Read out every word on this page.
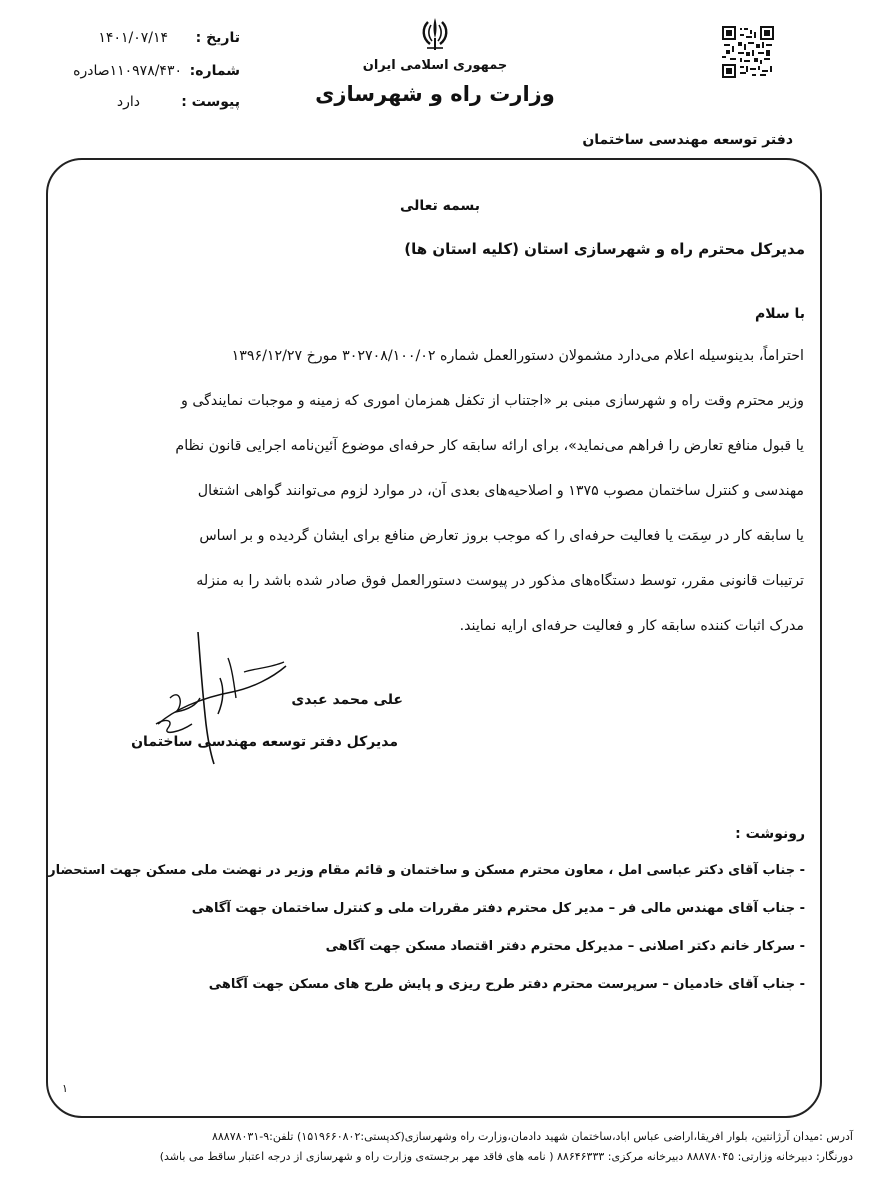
تاریخ :
۱۴۰۱/۰۷/۱۴
شماره:
۱۱۰۹۷۸/۴۳۰صادره
پیوست :
دارد
جمهوری اسلامی ایران
وزارت راه و شهرسازی
دفتر توسعه مهندسی ساختمان
بسمه تعالی
مدیرکل محترم راه و شهرسازی استان (کلیه استان ها)
با سلام
احتراماً، بدینوسیله اعلام می‌دارد مشمولان دستورالعمل شماره ۳۰۲۷۰۸/۱۰۰/۰۲ مورخ ۱۳۹۶/۱۲/۲۷
وزیر محترم وقت راه و شهرسازی مبنی بر «اجتناب از تکفل همزمان اموری که زمینه و موجبات نمایندگی و
یا قبول منافع تعارض را فراهم می‌نماید»، برای ارائه سابقه کار حرفه‌ای موضوع آئین‌نامه اجرایی قانون نظام
مهندسی و کنترل ساختمان مصوب ۱۳۷۵ و اصلاحیه‌های بعدی آن، در موارد لزوم می‌توانند گواهی اشتغال
یا سابقه کار در سِمَت یا فعالیت حرفه‌ای را که موجب بروز تعارض منافع برای ایشان گردیده و بر اساس
ترتیبات قانونی مقرر، توسط دستگاه‌های مذکور در پیوست دستورالعمل فوق صادر شده باشد را به منزله
مدرک اثبات کننده سابقه کار و فعالیت حرفه‌ای ارایه نمایند.
علی محمد عبدی
مدیرکل دفتر توسعه مهندسی ساختمان
رونوشت :
- جناب آقای دکتر عباسی امل ، معاون محترم مسکن و ساختمان و قائم مقام وزیر در نهضت ملی مسکن جهت استحضار
- جناب آقای مهندس مالی فر – مدیر کل محترم دفتر مقررات ملی و کنترل ساختمان جهت آگاهی
- سرکار خانم دکتر اصلانی – مدیرکل محترم دفتر اقتصاد مسکن جهت آگاهی
- جناب آقای خادمیان – سرپرست محترم دفتر طرح ریزی و پایش طرح های مسکن جهت آگاهی
۱
آدرس :میدان آرژانتین، بلوار افریقا،اراضی عباس اباد،ساختمان شهید دادمان،وزارت راه وشهرسازی(کدپستی:۱۵۱۹۶۶۰۸۰۲) تلفن:۹-۸۸۸۷۸۰۳۱
دورنگار: دبیرخانه وزارتی: ۸۸۸۷۸۰۴۵ دبیرخانه مرکزی: ۸۸۶۴۶۳۳۳ ( نامه های فاقد مهر برجسته‌ی وزارت راه و شهرسازی از درجه اعتبار ساقط می باشد)
